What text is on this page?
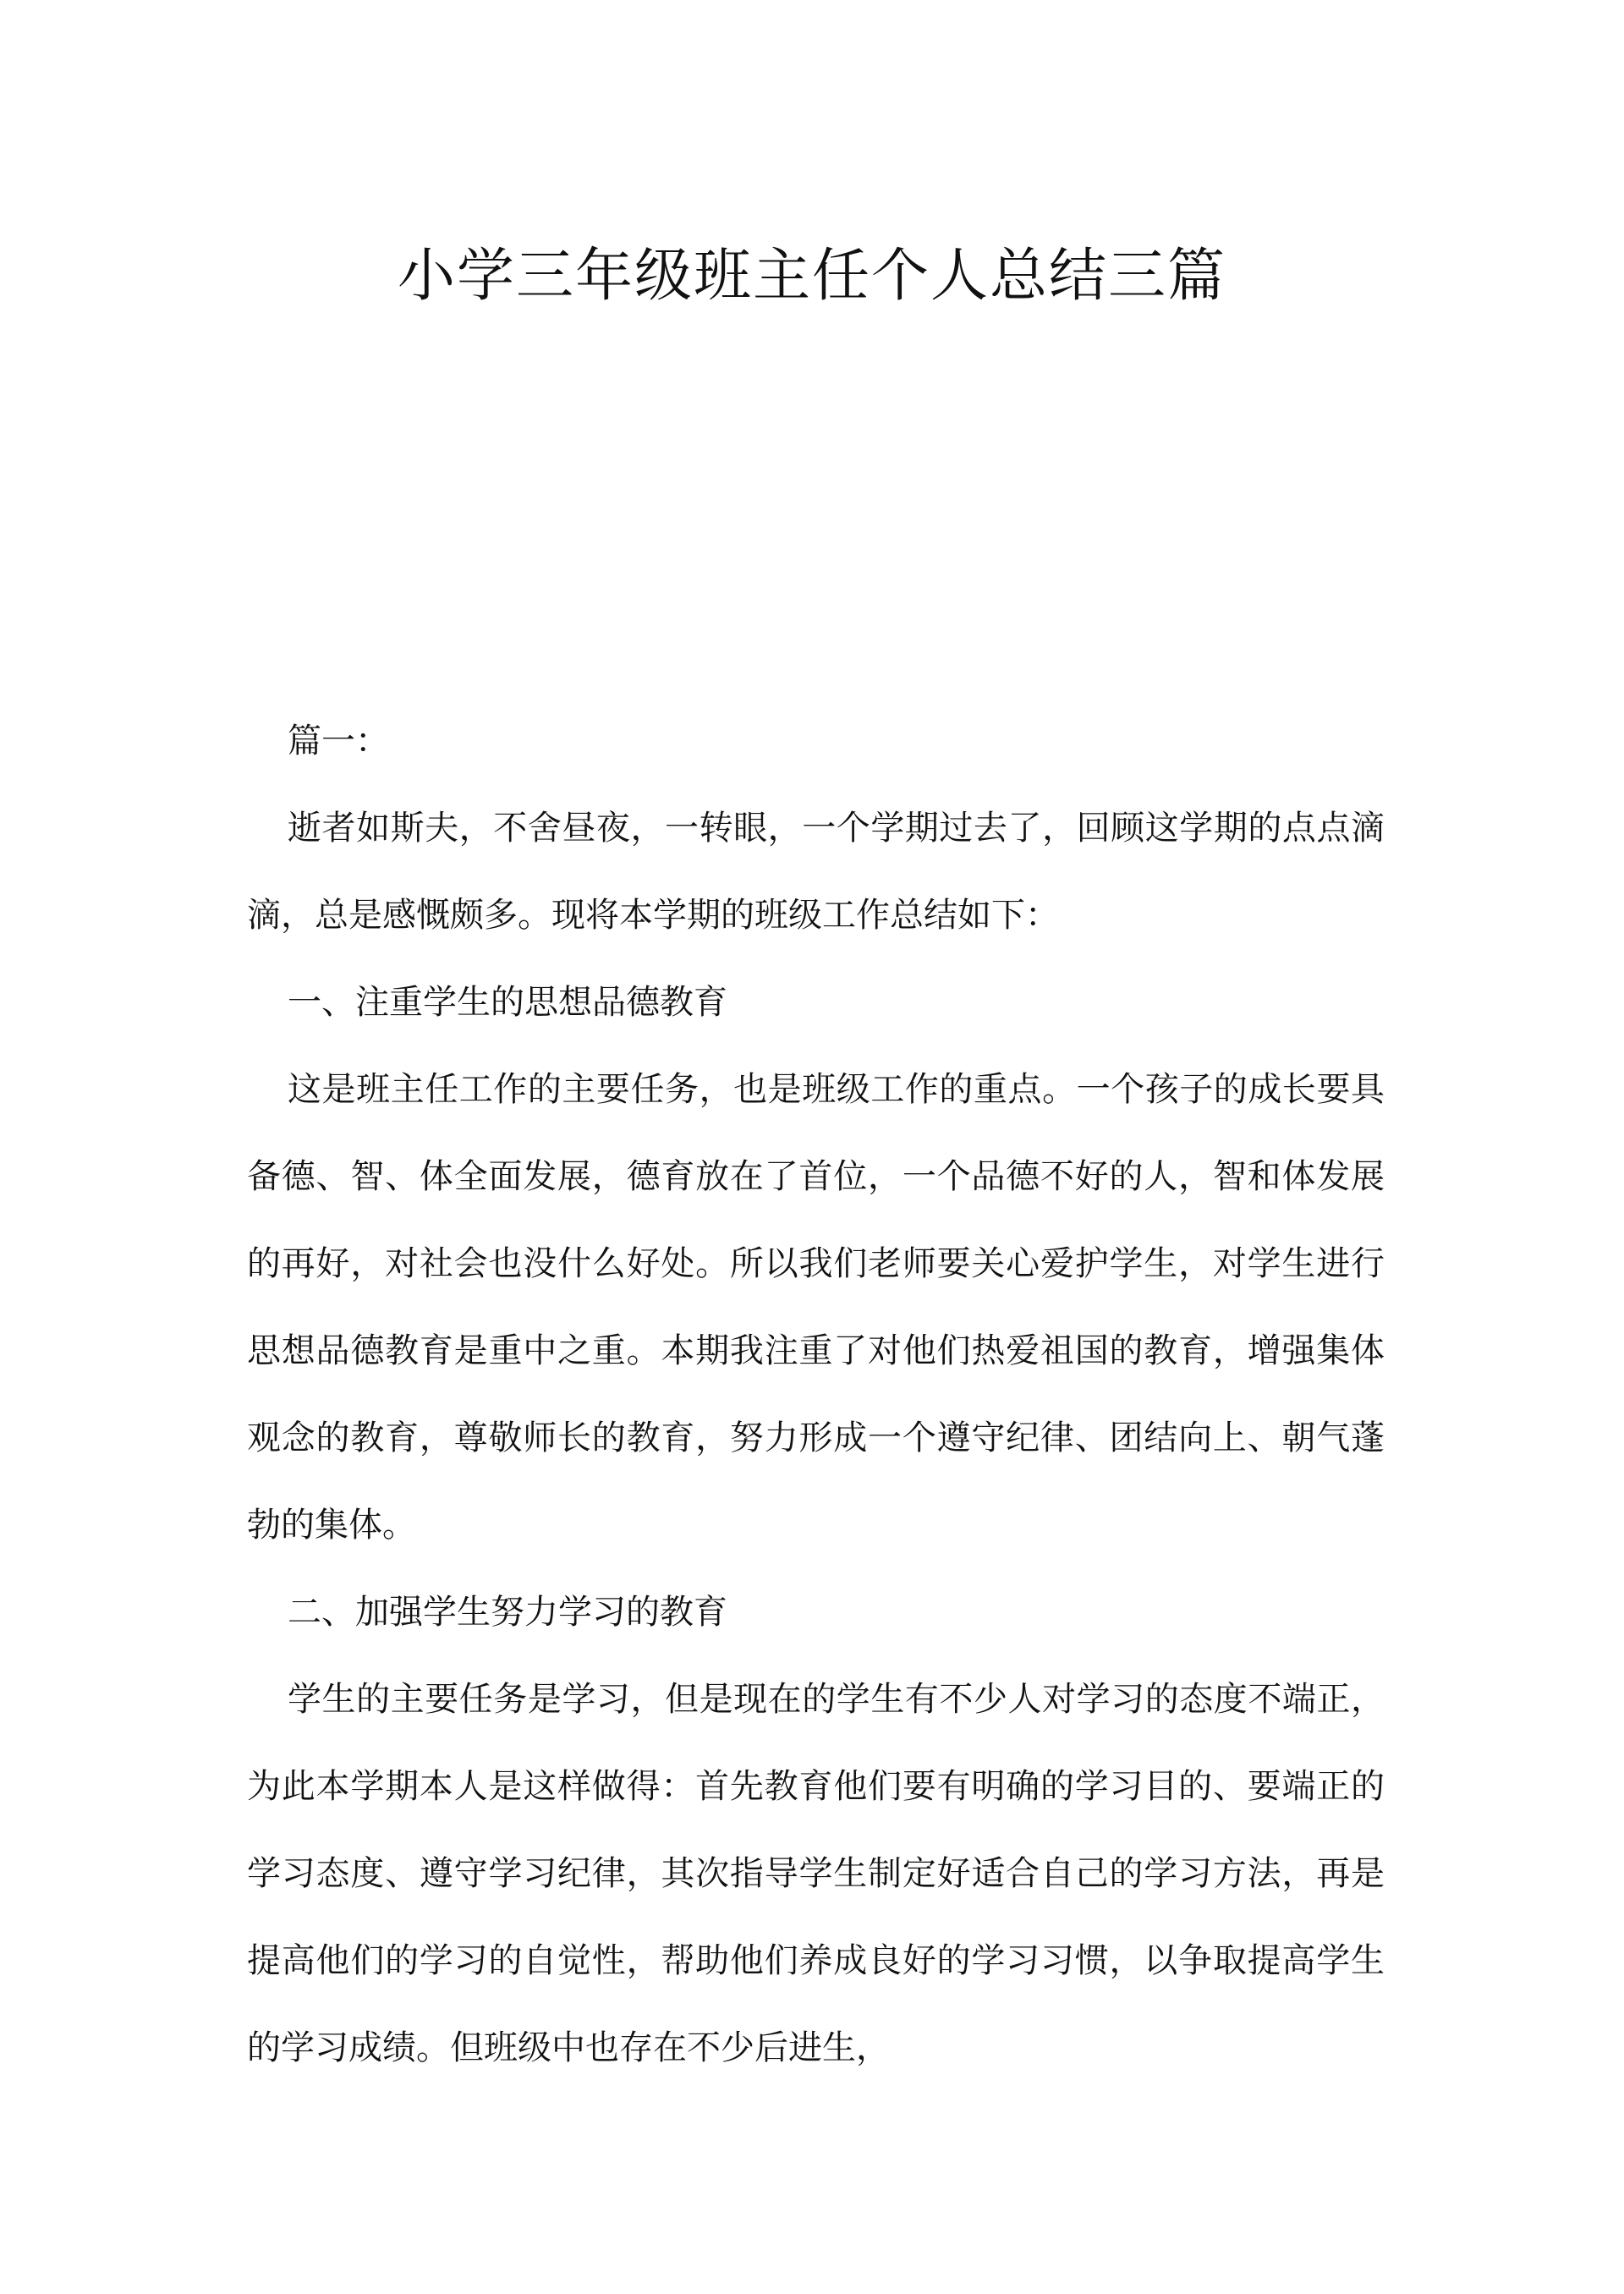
小学三年级班主任个人总结三篇

篇一：

逝者如斯夫，不舍昼夜，一转眼，一个学期过去了，回顾这学期的点点滴滴，总是感慨颇多。现将本学期的班级工作总结如下：

一、注重学生的思想品德教育

这是班主任工作的主要任务，也是班级工作的重点。一个孩子的成长要具备德、智、体全面发展，德育放在了首位，一个品德不好的人，智和体发展的再好，对社会也没什么好处。所以我们老师要关心爱护学生，对学生进行思想品德教育是重中之重。本期我注重了对他们热爱祖国的教育，增强集体观念的教育，尊敬师长的教育，努力形成一个遵守纪律、团结向上、朝气蓬勃的集体。

二、加强学生努力学习的教育

学生的主要任务是学习，但是现在的学生有不少人对学习的态度不端正，为此本学期本人是这样做得：首先教育他们要有明确的学习目的、要端正的学习态度、遵守学习纪律，其次指导学生制定好适合自己的学习方法，再是提高他们的学习的自觉性，帮助他们养成良好的学习习惯，以争取提高学生的学习成绩。但班级中也存在不少后进生，
